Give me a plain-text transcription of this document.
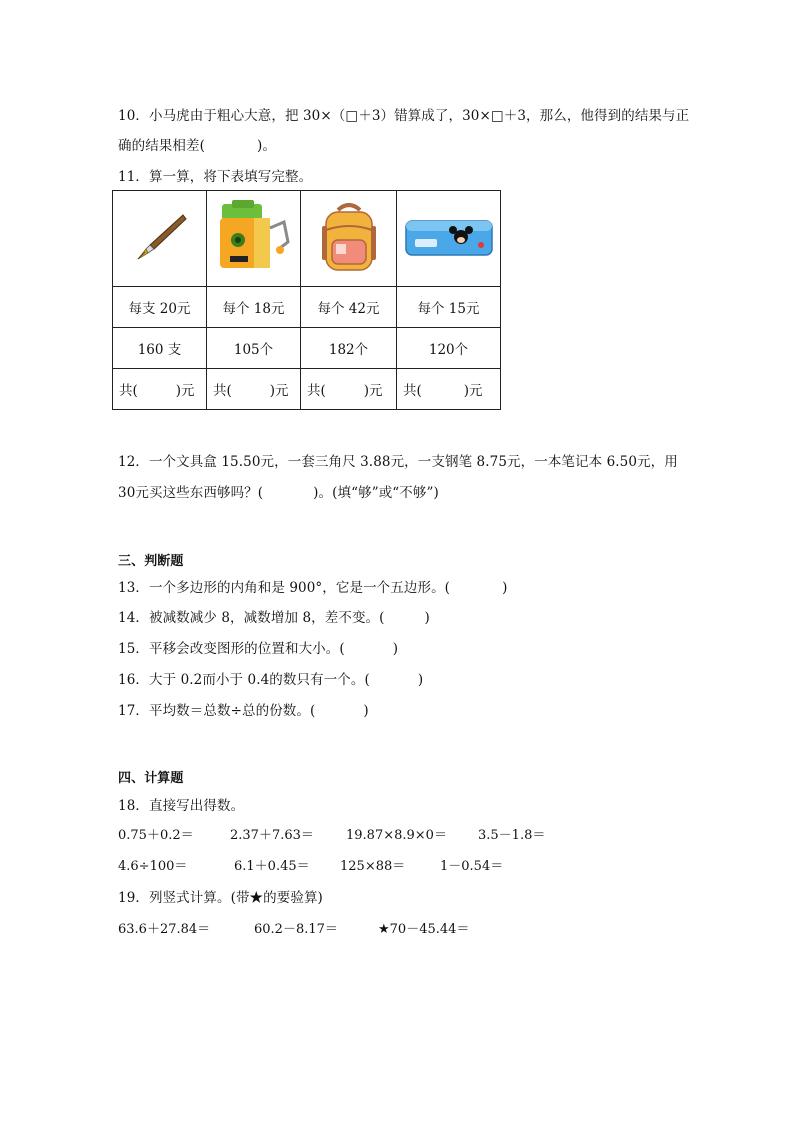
10．小马虎由于粗心大意，把 30×（□＋3）错算成了，30×□＋3，那么，他得到的结果与正
确的结果相差(	)。
11．算一算，将下表填写完整。

每支 20元	每个 18元	每个 42元	每个 15元
160 支	105个	182个	120个
共( )元	共( )元	共( )元	共( )元
12．一个文具盒 15.50元，一套三角尺 3.88元，一支钢笔 8.75元，一本笔记本 6.50元，用
30元买这些东西够吗？(	)。(填“够”或“不够”)
三、判断题
13．一个多边形的内角和是 900°，它是一个五边形。(	)
14．被减数减少 8，减数增加 8，差不变。(	)
15．平移会改变图形的位置和大小。(	)
16．大于 0.2而小于 0.4的数只有一个。(	)
17．平均数＝总数÷总的份数。(	)
四、计算题
18．直接写出得数。
0.75＋0.2＝	2.37＋7.63＝ 19.87×8.9×0＝ 3.5－1.8＝
4.6÷100＝	6.1＋0.45＝ 125×88＝	1－0.54＝
19．列竖式计算。(带★的要验算)
63.6＋27.84＝	60.2－8.17＝	★70－45.44＝
